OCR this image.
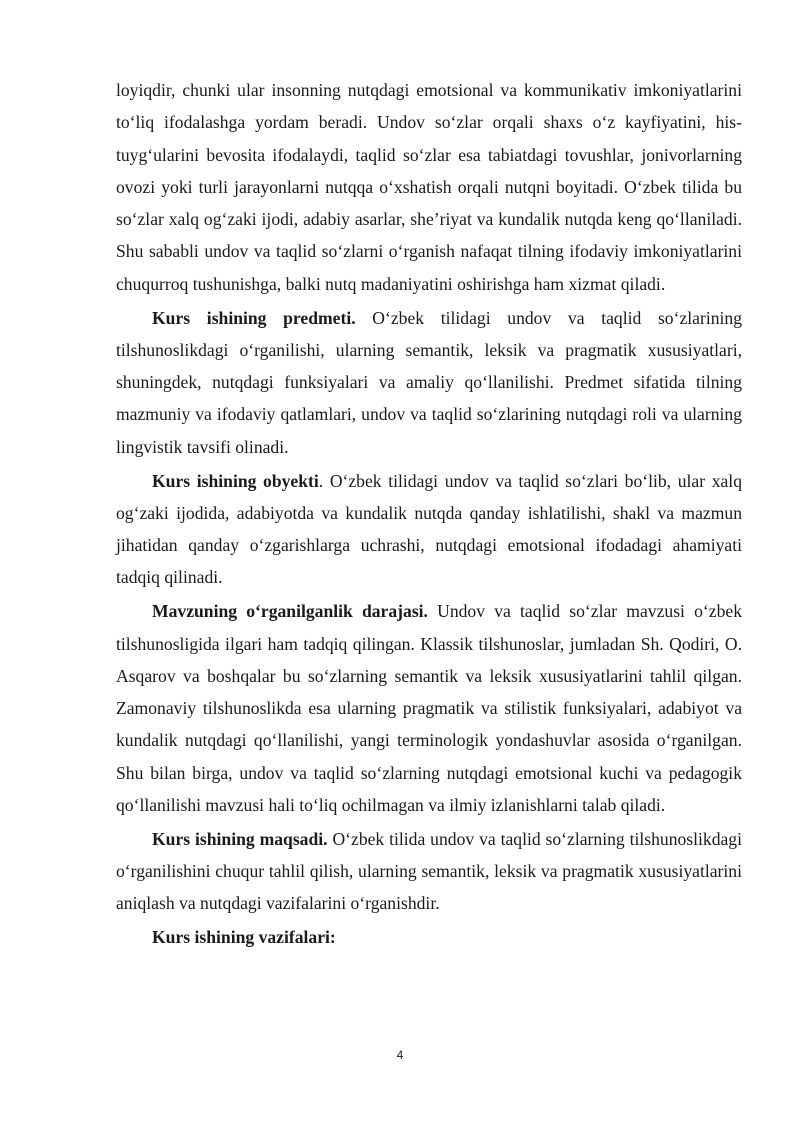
loyiqdir, chunki ular insonning nutqdagi emotsional va kommunikativ imkoniyatlarini to‘liq ifodalashga yordam beradi. Undov so‘zlar orqali shaxs o‘z kayfiyatini, his-tuyg‘ularini bevosita ifodalaydi, taqlid so‘zlar esa tabiatdagi tovushlar, jonivorlarning ovozi yoki turli jarayonlarni nutqqa o‘xshatish orqali nutqni boyitadi. O‘zbek tilida bu so‘zlar xalq og‘zaki ijodi, adabiy asarlar, she’riyat va kundalik nutqda keng qo‘llaniladi. Shu sababli undov va taqlid so‘zlarni o‘rganish nafaqat tilning ifodaviy imkoniyatlarini chuqurroq tushunishga, balki nutq madaniyatini oshirishga ham xizmat qiladi.

Kurs ishining predmeti. O‘zbek tilidagi undov va taqlid so‘zlarining tilshunoslikdagi o‘rganilishi, ularning semantik, leksik va pragmatik xususiyatlari, shuningdek, nutqdagi funksiyalari va amaliy qo‘llanilishi. Predmet sifatida tilning mazmuniy va ifodaviy qatlamlari, undov va taqlid so‘zlarining nutqdagi roli va ularning lingvistik tavsifi olinadi.

Kurs ishining obyekti. O‘zbek tilidagi undov va taqlid so‘zlari bo‘lib, ular xalq og‘zaki ijodida, adabiyotda va kundalik nutqda qanday ishlatilishi, shakl va mazmun jihatidan qanday o‘zgarishlarga uchrashi, nutqdagi emotsional ifodadagi ahamiyati tadqiq qilinadi.

Mavzuning o‘rganilganlik darajasi. Undov va taqlid so‘zlar mavzusi o‘zbek tilshunosligida ilgari ham tadqiq qilingan. Klassik tilshunoslar, jumladan Sh. Qodiri, O. Asqarov va boshqalar bu so‘zlarning semantik va leksik xususiyatlarini tahlil qilgan. Zamonaviy tilshunoslikda esa ularning pragmatik va stilistik funksiyalari, adabiyot va kundalik nutqdagi qo‘llanilishi, yangi terminologik yondashuvlar asosida o‘rganilgan. Shu bilan birga, undov va taqlid so‘zlarning nutqdagi emotsional kuchi va pedagogik qo‘llanilishi mavzusi hali to‘liq ochilmagan va ilmiy izlanishlarni talab qiladi.

Kurs ishining maqsadi. O‘zbek tilida undov va taqlid so‘zlarning tilshunoslikdagi o‘rganilishini chuqur tahlil qilish, ularning semantik, leksik va pragmatik xususiyatlarini aniqlash va nutqdagi vazifalarini o‘rganishdir.

Kurs ishining vazifalari:

4
